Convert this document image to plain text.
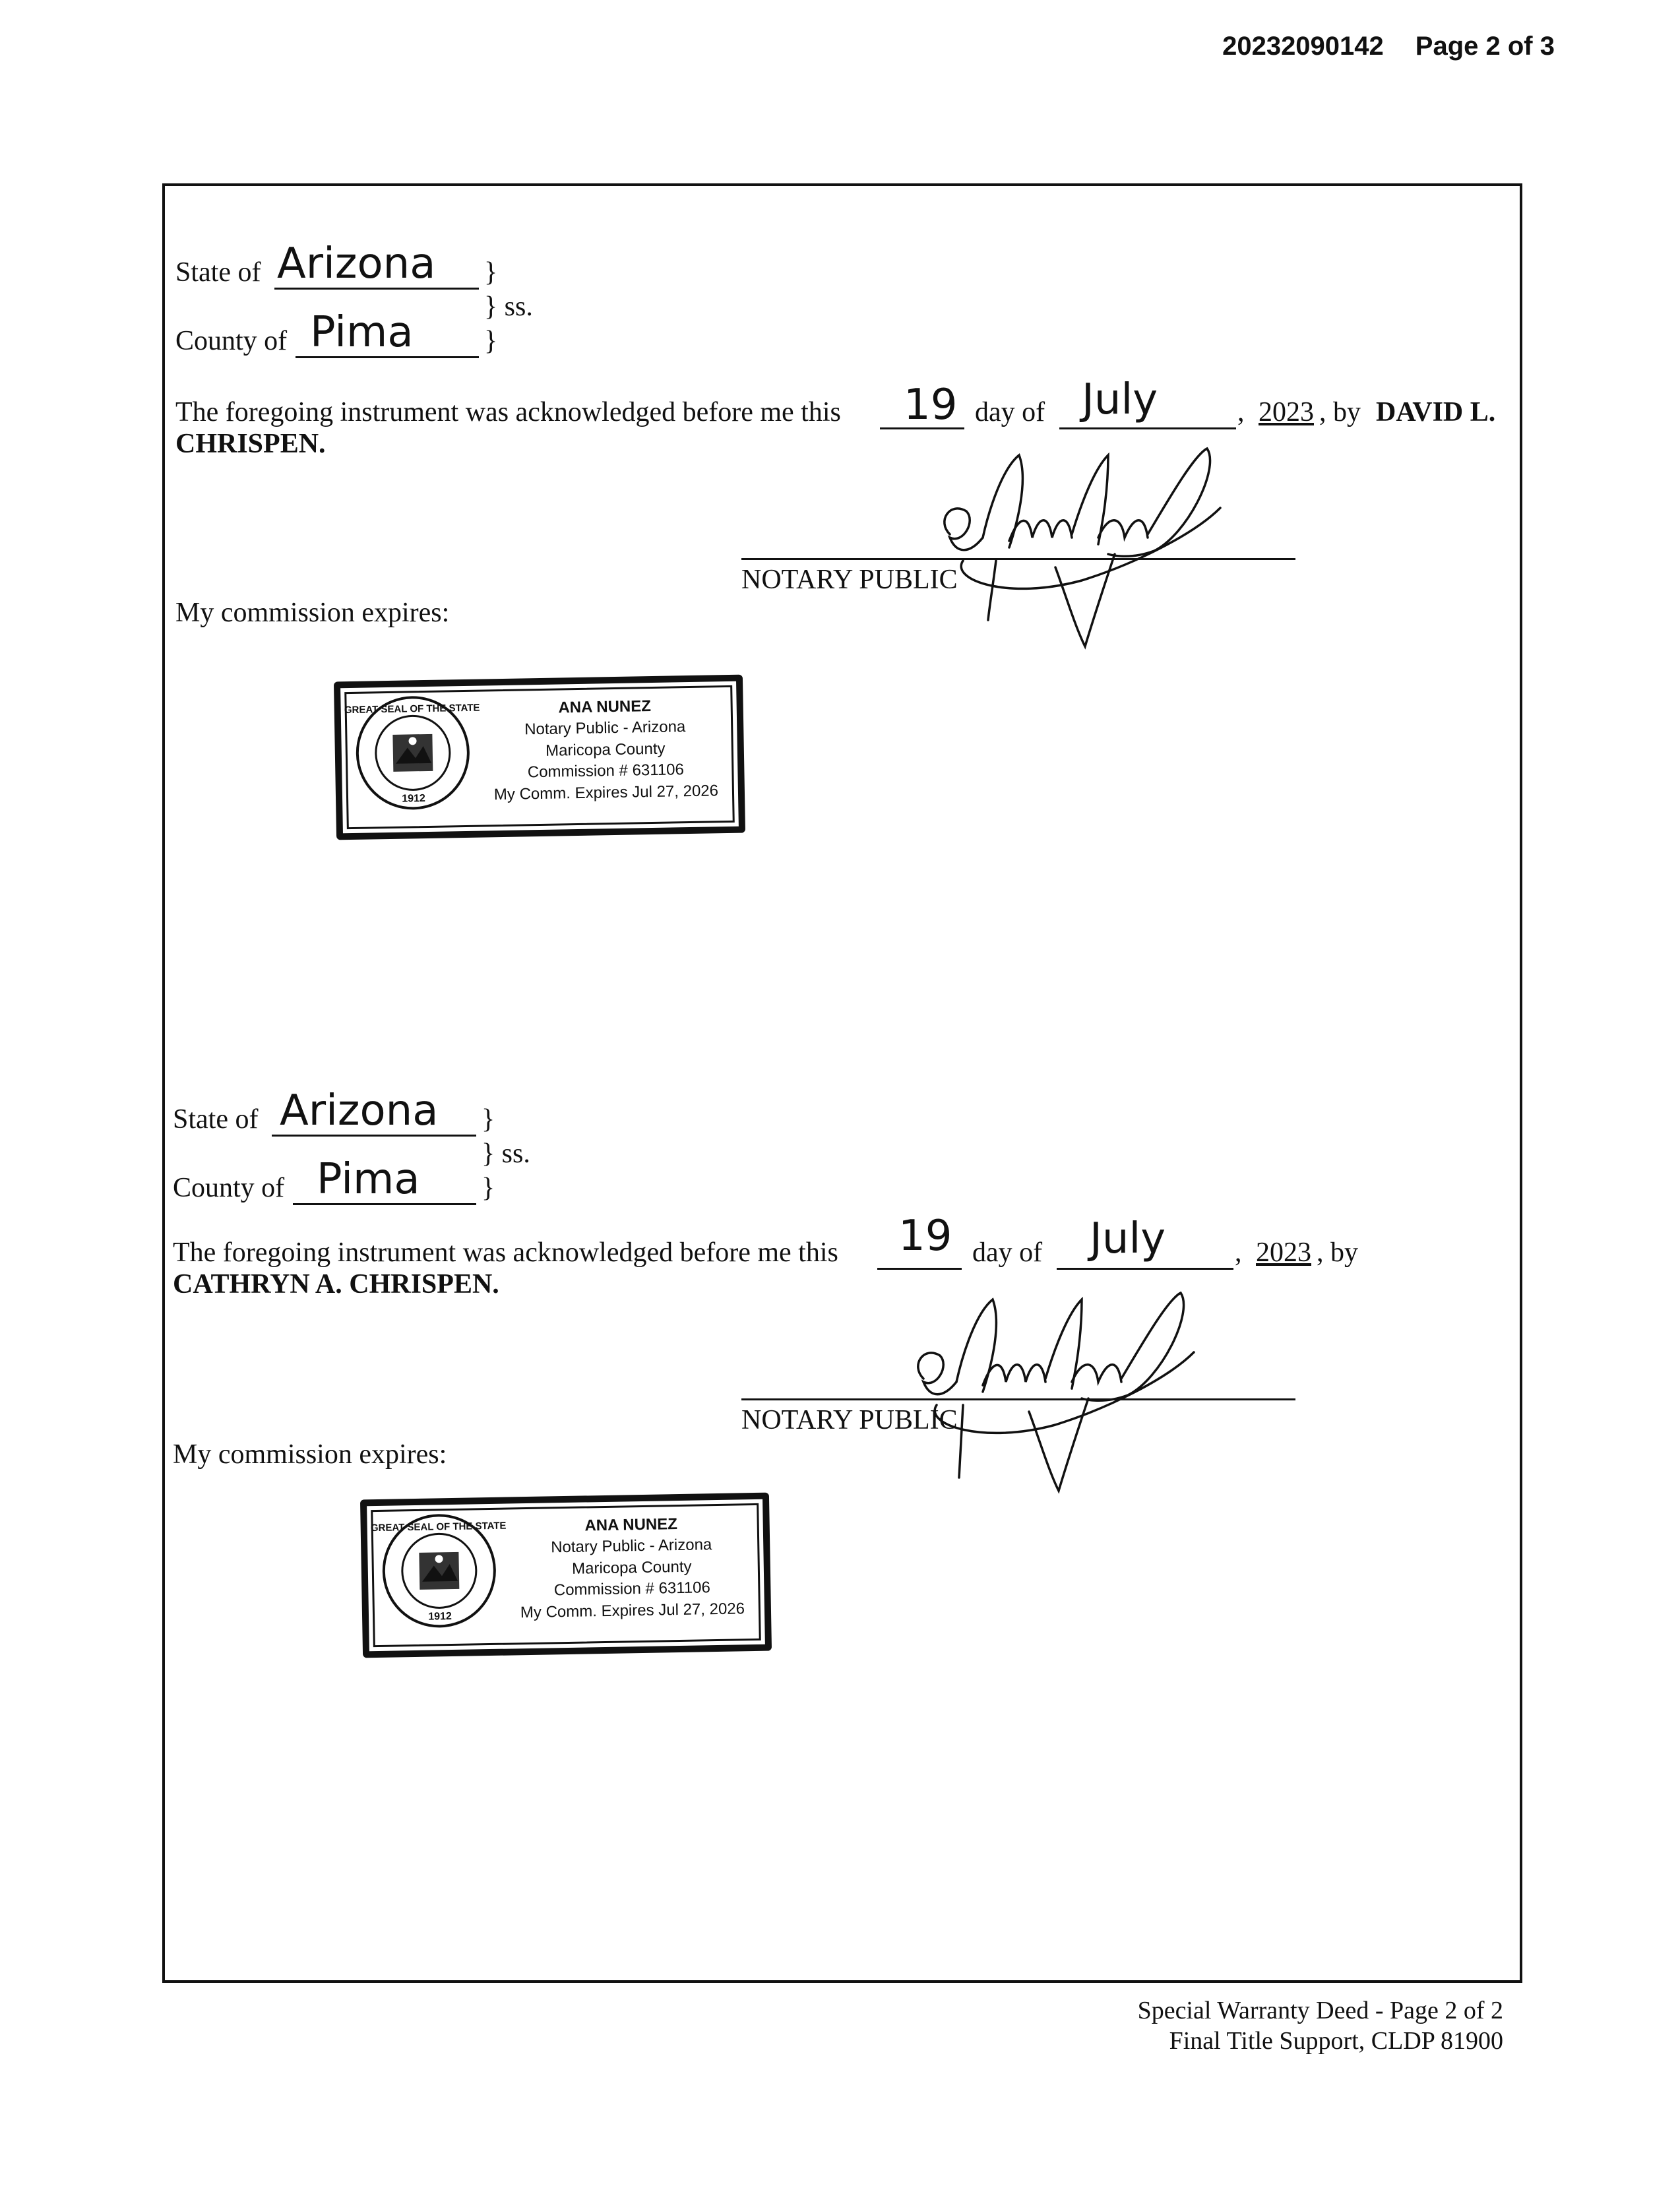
20232090142 Page 2 of 3
State of Arizona }
} ss.
County of Pima	}
The foregoing instrument was acknowledged before me this 19 day of July	, 2023 , by DAVID L.
CHRISPEN.
NOTARY PUBLIC
My commission expires:
GREAT SEAL OF THE STATE
1912
ANA NUNEZ
Notary Public - Arizona
Maricopa County
Commission # 631106
My Comm. Expires Jul 27, 2026
State of Arizona }
} ss.
County of Pima }
The foregoing instrument was acknowledged before me this 19 day of July , 2023 , by
CATHRYN A. CHRISPEN.
NOTARY PUBLIC
My commission expires:
GREAT SEAL OF THE STATE
1912
ANA NUNEZ
Notary Public - Arizona
Maricopa County
Commission # 631106
My Comm. Expires Jul 27, 2026
Special Warranty Deed - Page 2 of 2
Final Title Support, CLDP 81900
